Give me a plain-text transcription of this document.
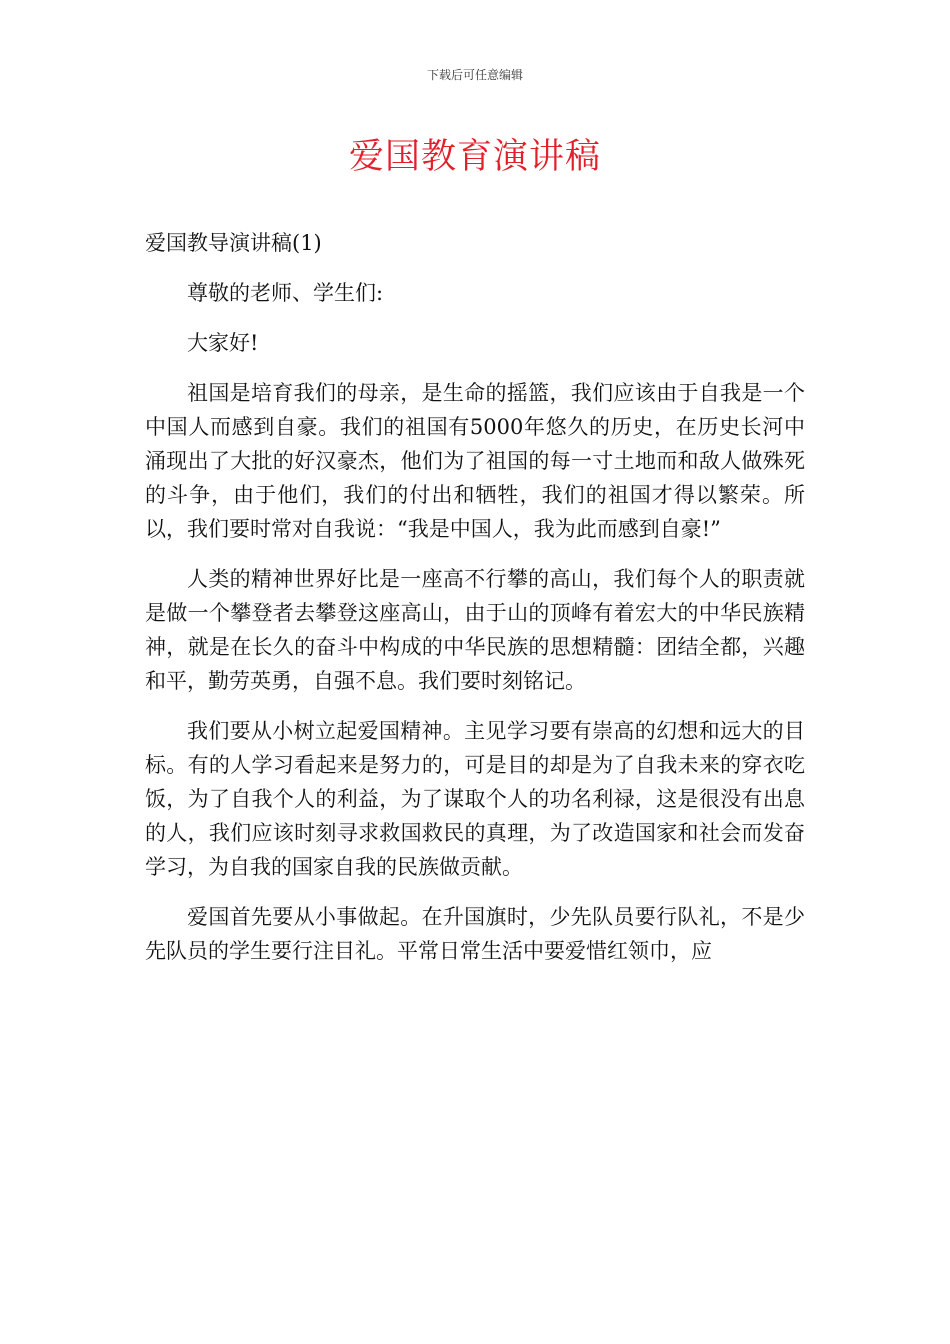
下载后可任意编辑
爱国教育演讲稿

爱国教导演讲稿(1)

尊敬的老师、学生们:

大家好!

祖国是培育我们的母亲，是生命的摇篮，我们应该由于自我是一个中国人而感到自豪。我们的祖国有5000年悠久的历史，在历史长河中涌现出了大批的好汉豪杰，他们为了祖国的每一寸土地而和敌人做殊死的斗争，由于他们，我们的付出和牺牲，我们的祖国才得以繁荣。所以，我们要时常对自我说：“我是中国人，我为此而感到自豪!”

人类的精神世界好比是一座高不行攀的高山，我们每个人的职责就是做一个攀登者去攀登这座高山，由于山的顶峰有着宏大的中华民族精神，就是在长久的奋斗中构成的中华民族的思想精髓：团结全都，兴趣和平，勤劳英勇，自强不息。我们要时刻铭记。

我们要从小树立起爱国精神。主见学习要有崇高的幻想和远大的目标。有的人学习看起来是努力的，可是目的却是为了自我未来的穿衣吃饭，为了自我个人的利益，为了谋取个人的功名利禄，这是很没有出息的人，我们应该时刻寻求救国救民的真理，为了改造国家和社会而发奋学习，为自我的国家自我的民族做贡献。

爱国首先要从小事做起。在升国旗时，少先队员要行队礼，不是少先队员的学生要行注目礼。平常日常生活中要爱惜红领巾，应
